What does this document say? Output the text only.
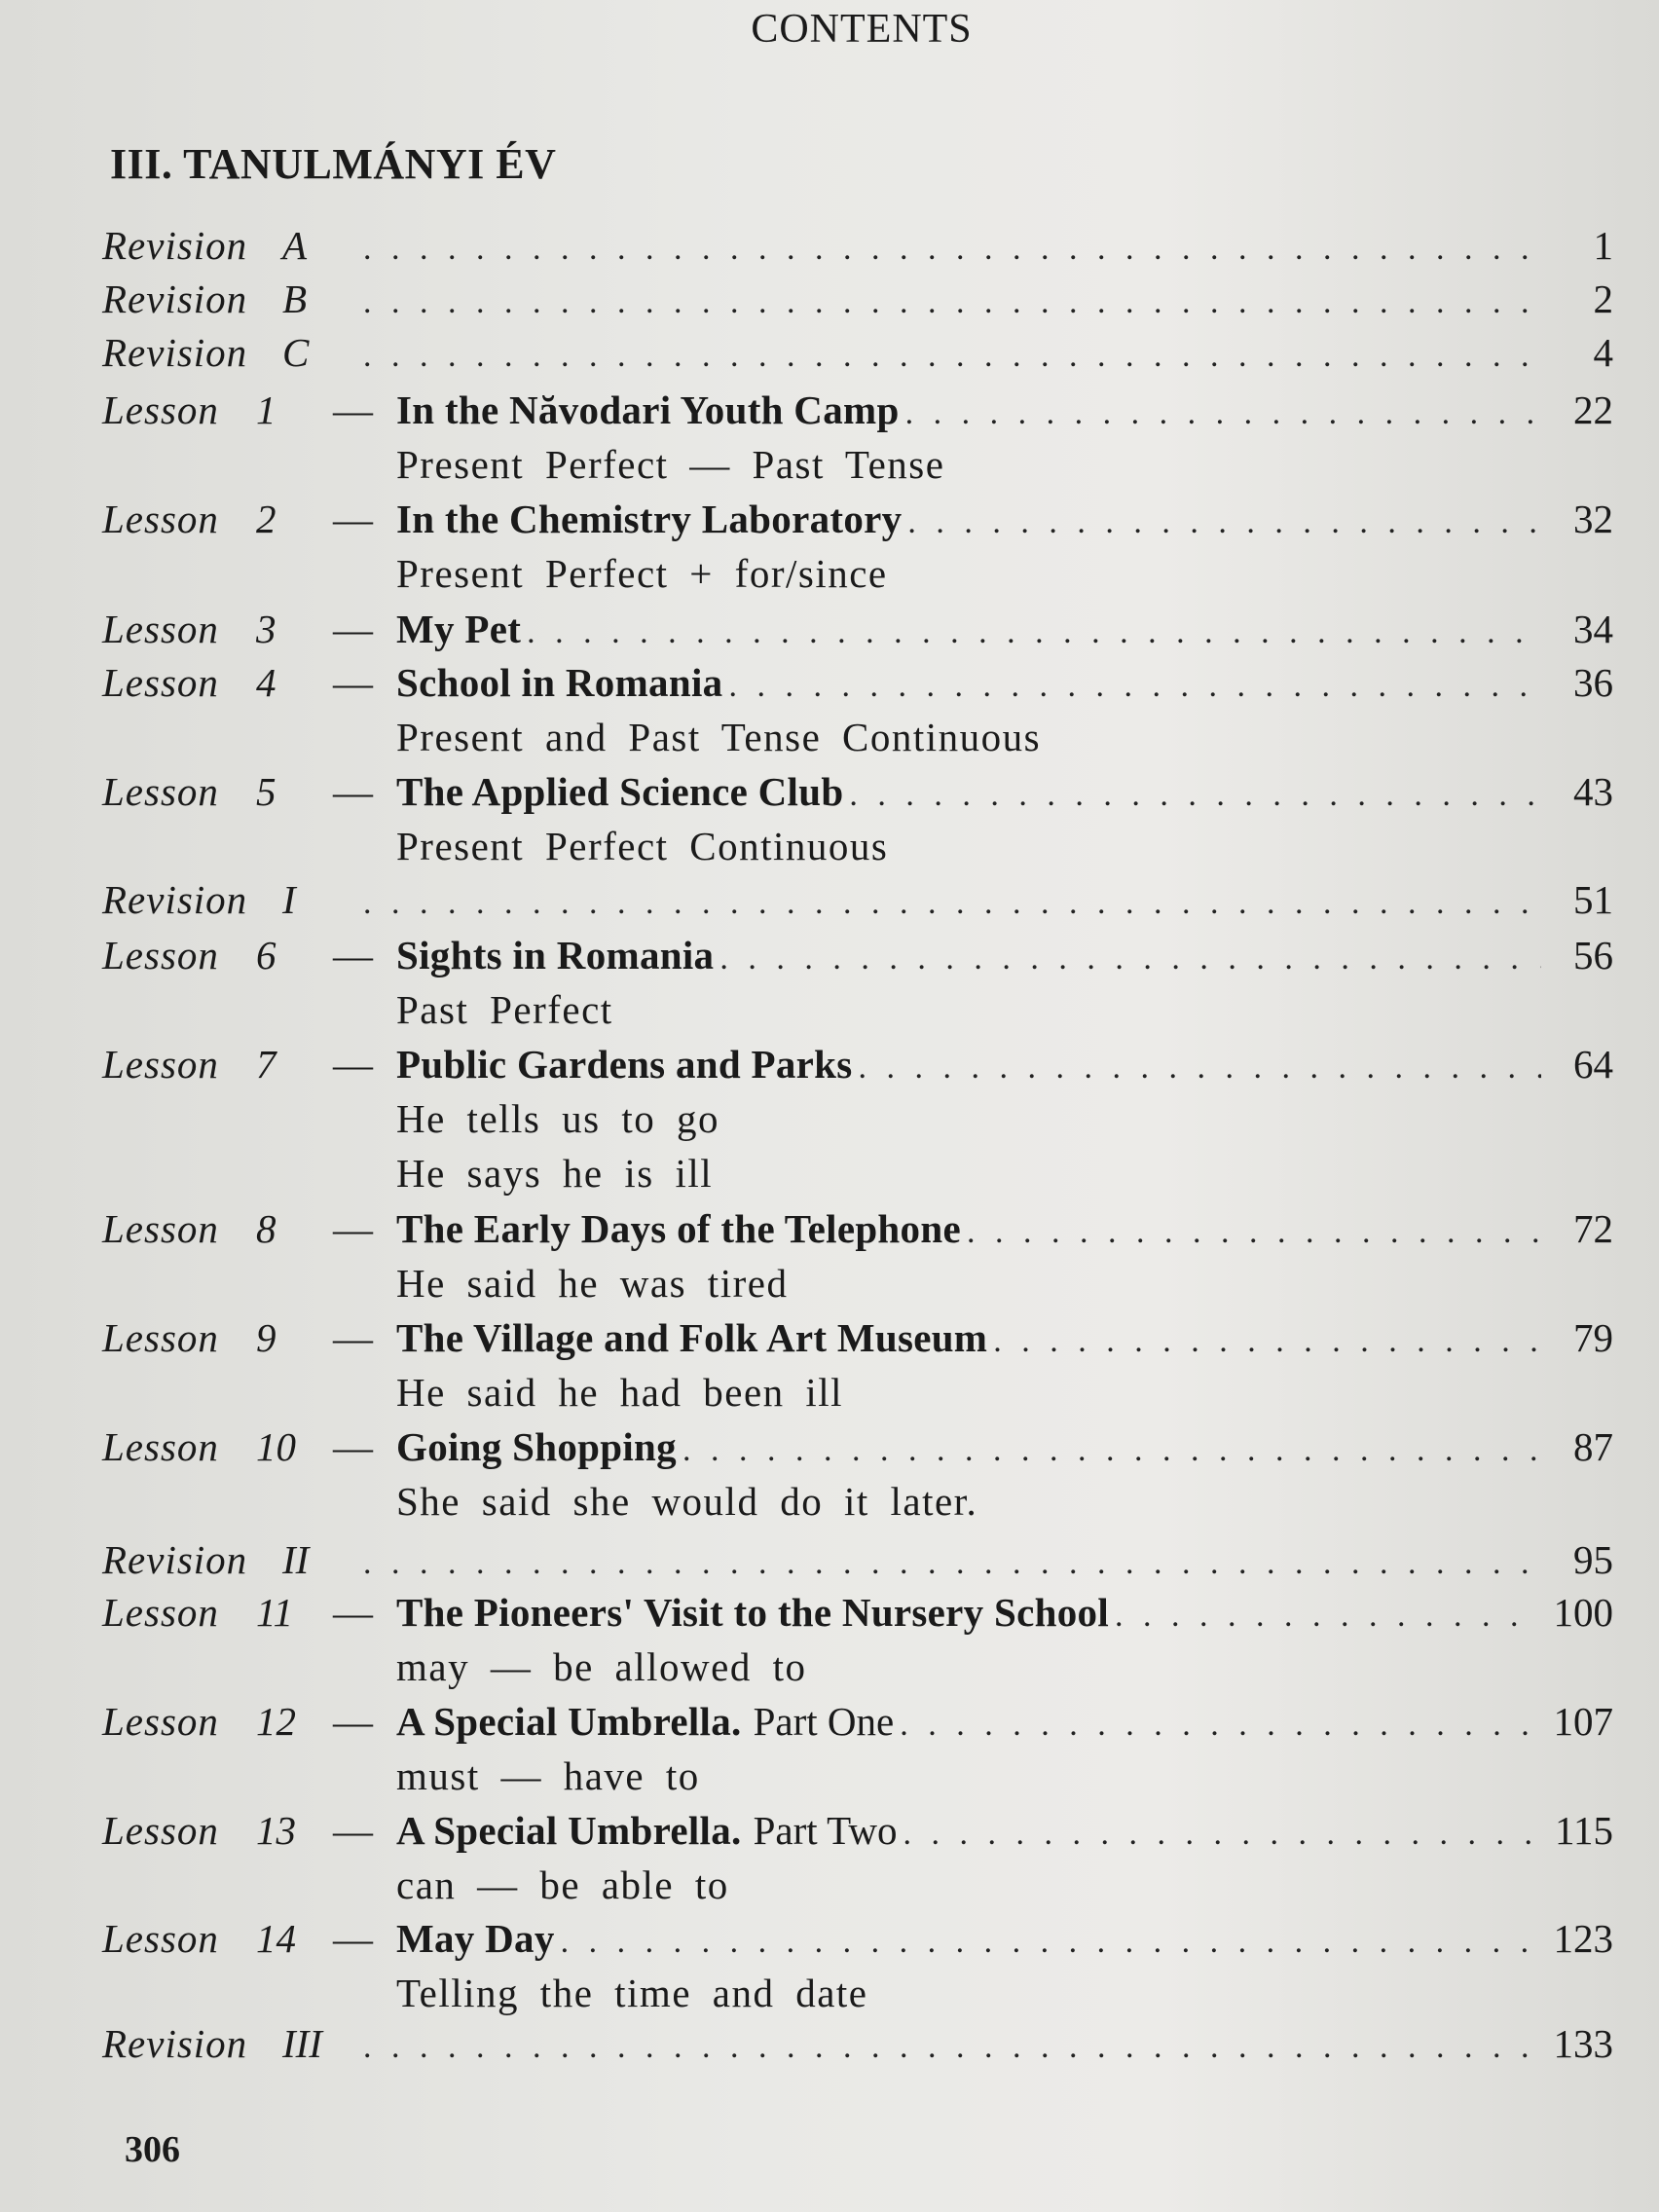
CONTENTS
III. TANULMÁNYI ÉV
Revision A . . .	1
Revision B . . .	2
Revision C . . .	4
Lesson 1	— In the Năvodari Youth Camp . . .	22
Present Perfect — Past Tense
Lesson 2	— In the Chemistry Laboratory . . .	32
Present Perfect + for/since
Lesson 3	— My Pet . . .	34
Lesson 4	— School in Romania . . .	36
Present and Past Tense Continuous
Lesson 5	— The Applied Science Club . . .	43
Present Perfect Continuous
Revision I . . .	51
Lesson 6	— Sights in Romania . . .	56
Past Perfect
Lesson 7	— Public Gardens and Parks . . .	64
He tells us to go
He says he is ill
Lesson 8	— The Early Days of the Telephone . . .	72
He said he was tired
Lesson 9	— The Village and Folk Art Museum . . .	79
He said he had been ill
Lesson 10 — Going Shopping . . .	87
She said she would do it later.
Revision II . . .	95
Lesson 11	— The Pioneers' Visit to the Nursery School . . .	100
may — be allowed to
Lesson 12 — A Special Umbrella. Part One . . .	107
must — have to
Lesson 13 — A Special Umbrella. Part Two . . .	115
can — be able to
Lesson 14 — May Day . . .	123
Telling the time and date
Revision III . . .	133
306
